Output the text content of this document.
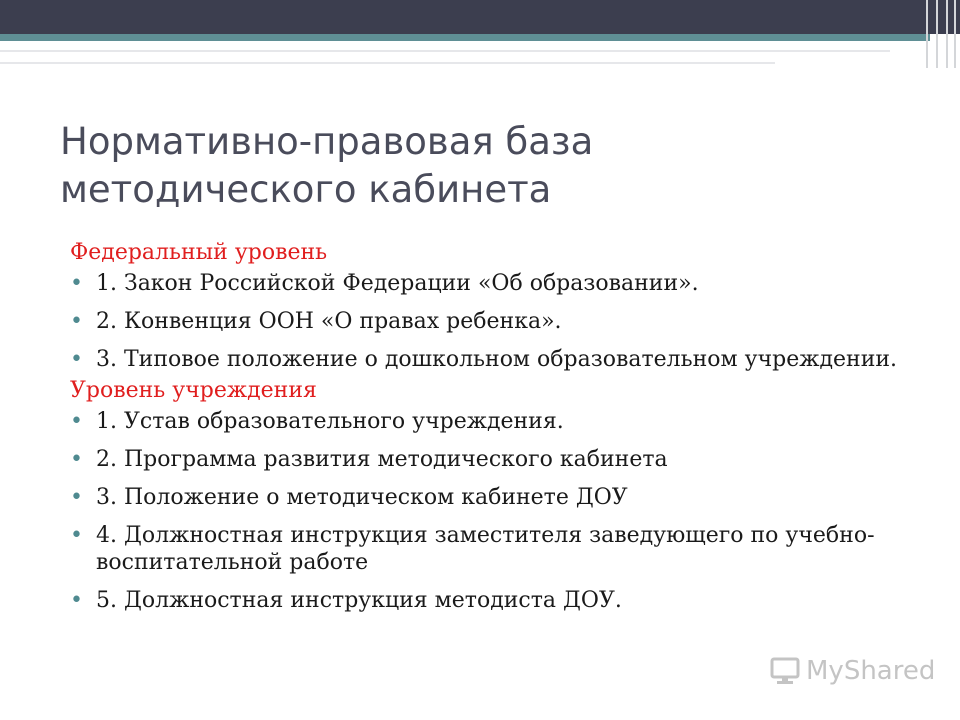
Нормативно-правовая база
методического кабинета

Федеральный уровень

• 1. Закон Российской Федерации «Об образовании».
• 2. Конвенция ООН «О правах ребенка».
• 3. Типовое положение о дошкольном образовательном учреждении.

Уровень учреждения

• 1. Устав образовательного учреждения.
• 2. Программа развития методического кабинета
• 3. Положение о методическом кабинете ДОУ
• 4. Должностная инструкция заместителя заведующего по учебно-воспитательной работе
• 5. Должностная инструкция методиста ДОУ.
MyShared
